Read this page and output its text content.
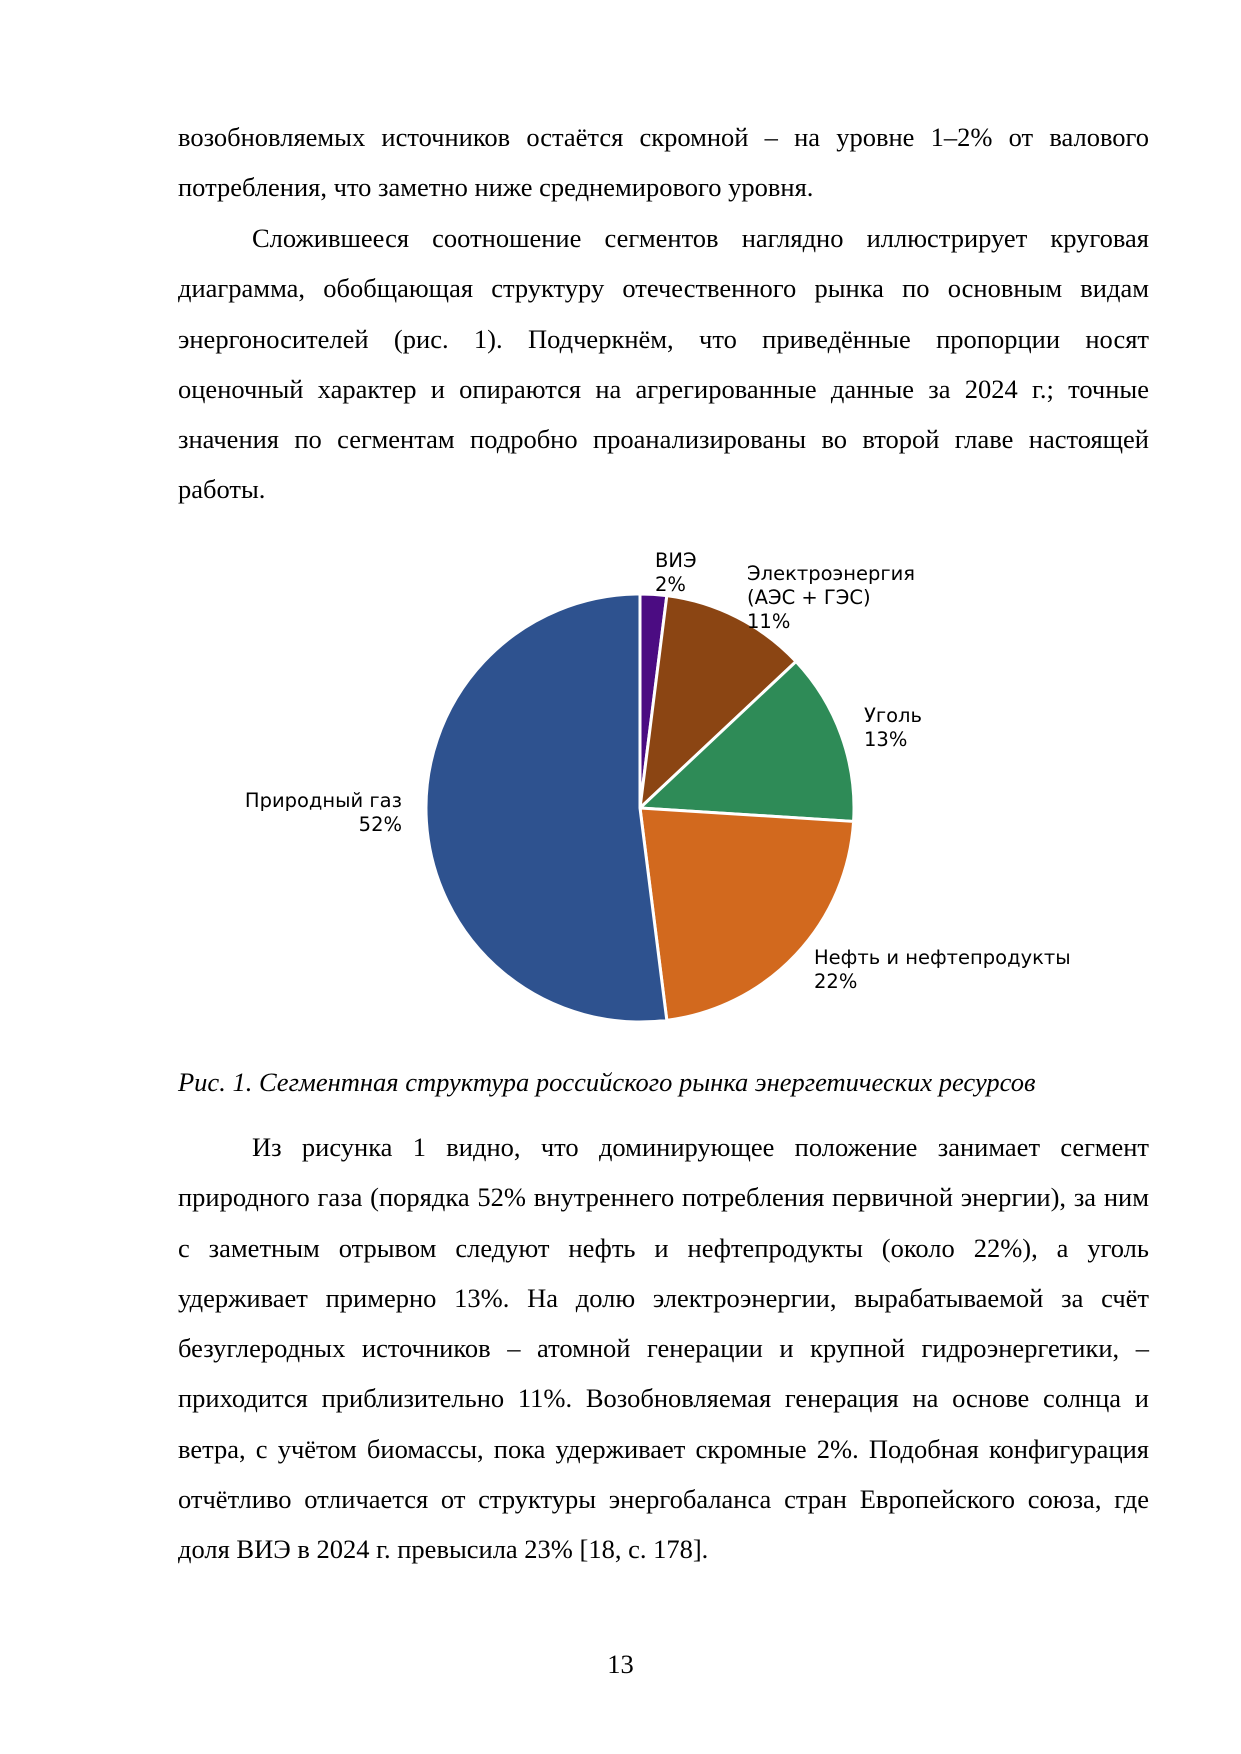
возобновляемых источников остаётся скромной – на уровне 1–2% от валового потребления, что заметно ниже среднемирового уровня.

Сложившееся соотношение сегментов наглядно иллюстрирует круговая диаграмма, обобщающая структуру отечественного рынка по основным видам энергоносителей (рис. 1). Подчеркнём, что приведённые пропорции носят оценочный характер и опираются на агрегированные данные за 2024 г.; точные значения по сегментам подробно проанализированы во второй главе настоящей работы.

ВИЭ 2%	Электроэнергия (АЭС + ГЭС) 11%
Уголь 13%
Нефть и нефтепродукты 22%
Природный газ 52%

Рис. 1. Сегментная структура российского рынка энергетических ресурсов

Из рисунка 1 видно, что доминирующее положение занимает сегмент природного газа (порядка 52% внутреннего потребления первичной энергии), за ним с заметным отрывом следуют нефть и нефтепродукты (около 22%), а уголь удерживает примерно 13%. На долю электроэнергии, вырабатываемой за счёт безуглеродных источников – атомной генерации и крупной гидроэнергетики, – приходится приблизительно 11%. Возобновляемая генерация на основе солнца и ветра, с учётом биомассы, пока удерживает скромные 2%. Подобная конфигурация отчётливо отличается от структуры энергобаланса стран Европейского союза, где доля ВИЭ в 2024 г. превысила 23% [18, с. 178].

13
